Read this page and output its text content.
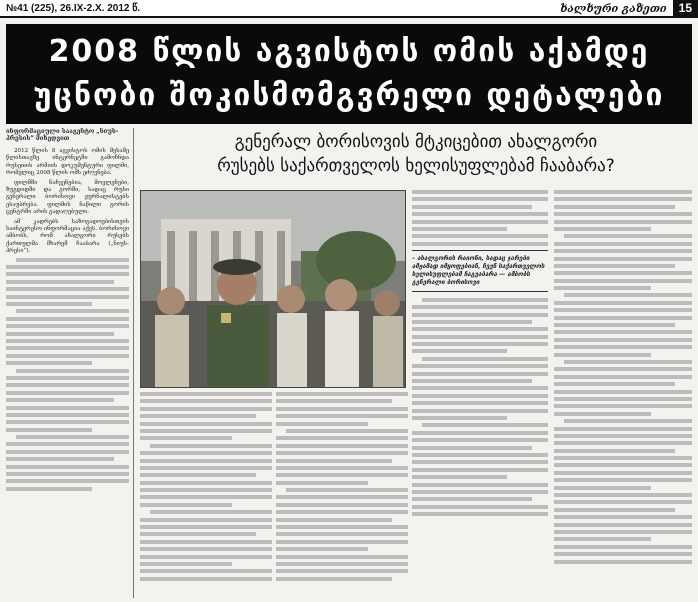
№41 (225), 26.IX-2.X. 2012 წ.	ხალხური გაზეთი	15
2008 წლის აგვისტოს ომის აქამდე
უცნობი შოკისმომგვრელი დეტალები
გენერალ ბორისოვის მტკიცებით ახალგორი
რუსებს საქართველოს ხელისუფლებამ ჩააბარა?
ინფორმაციული სააგენტო „ნიუს-პრესის“ მიხედვით

2012 წლის 8 აგვისტოს ომის მესამე წლისთავზე ინტერნეტში გამოჩნდა რუსეთის არმიის დოკუმენტური ფილმი, რომელიც 2008 წლის ომს ეძღვნება.

ფილმში ნაჩვენებია, მოვლენები, ზუგდიდში და გორში, სადაც რუსი გენერალი ბორისოვი ჟურნალისტებს ესაუბრება. ფილმის ნაწილი გორის ცენტრში არის გადაღებული.

ამ კადრებს საზოგადოებისთვის საინტერესო ინფორმაცია აქვს. ბორისოვი ამბობს, რომ ახალგორი რუსებს ქართულმა მხარემ ჩააბარა („ნიუს-პრესი“).

– ახალგორის რაიონი, სადაც ჯარები ამჟამად იმყოფებიან, ჩვენ საქართველოს ხელისუფლებამ ჩაგვაბარა — ამბობს გენერალი ბორისოვი
